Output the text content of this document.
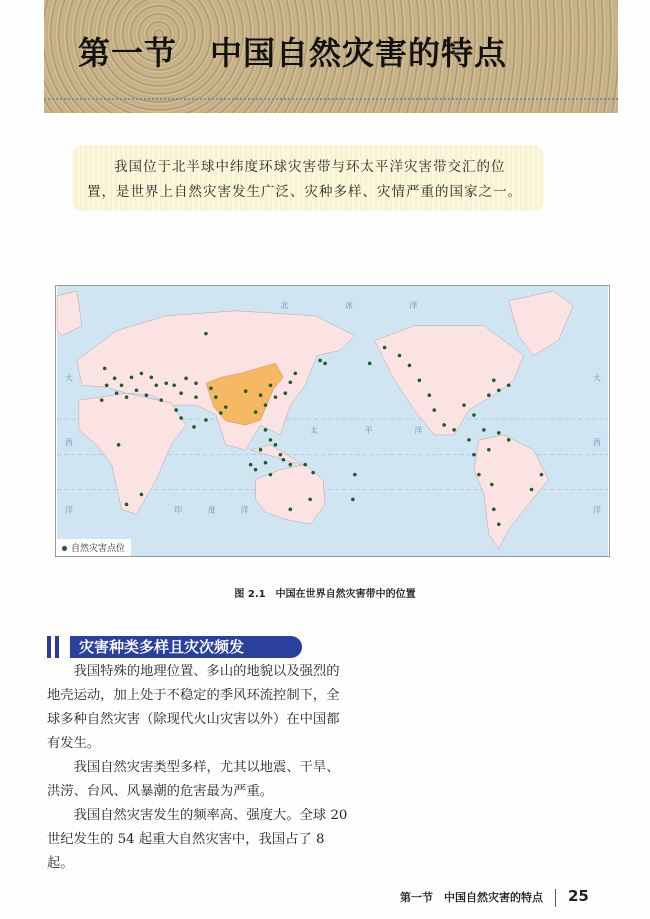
第一节　中国自然灾害的特点

我国位于北半球中纬度环球灾害带与环太平洋灾害带交汇的位置，是世界上自然灾害发生广泛、灾种多样、灾情严重的国家之一。

北	冰	洋
太	平	洋
印	度	洋
大
西
洋
大
西
洋
自然灾害点位
图 2.1　中国在世界自然灾害带中的位置
灾害种类多样且灾次频发

我国特殊的地理位置、多山的地貌以及强烈的地壳运动，加上处于不稳定的季风环流控制下，全球多种自然灾害（除现代火山灾害以外）在中国都有发生。

我国自然灾害类型多样，尤其以地震、干旱、洪涝、台风、风暴潮的危害最为严重。

我国自然灾害发生的频率高、强度大。全球 20 世纪发生的 54 起重大自然灾害中，我国占了 8 起。

第一节　中国自然灾害的特点 25
